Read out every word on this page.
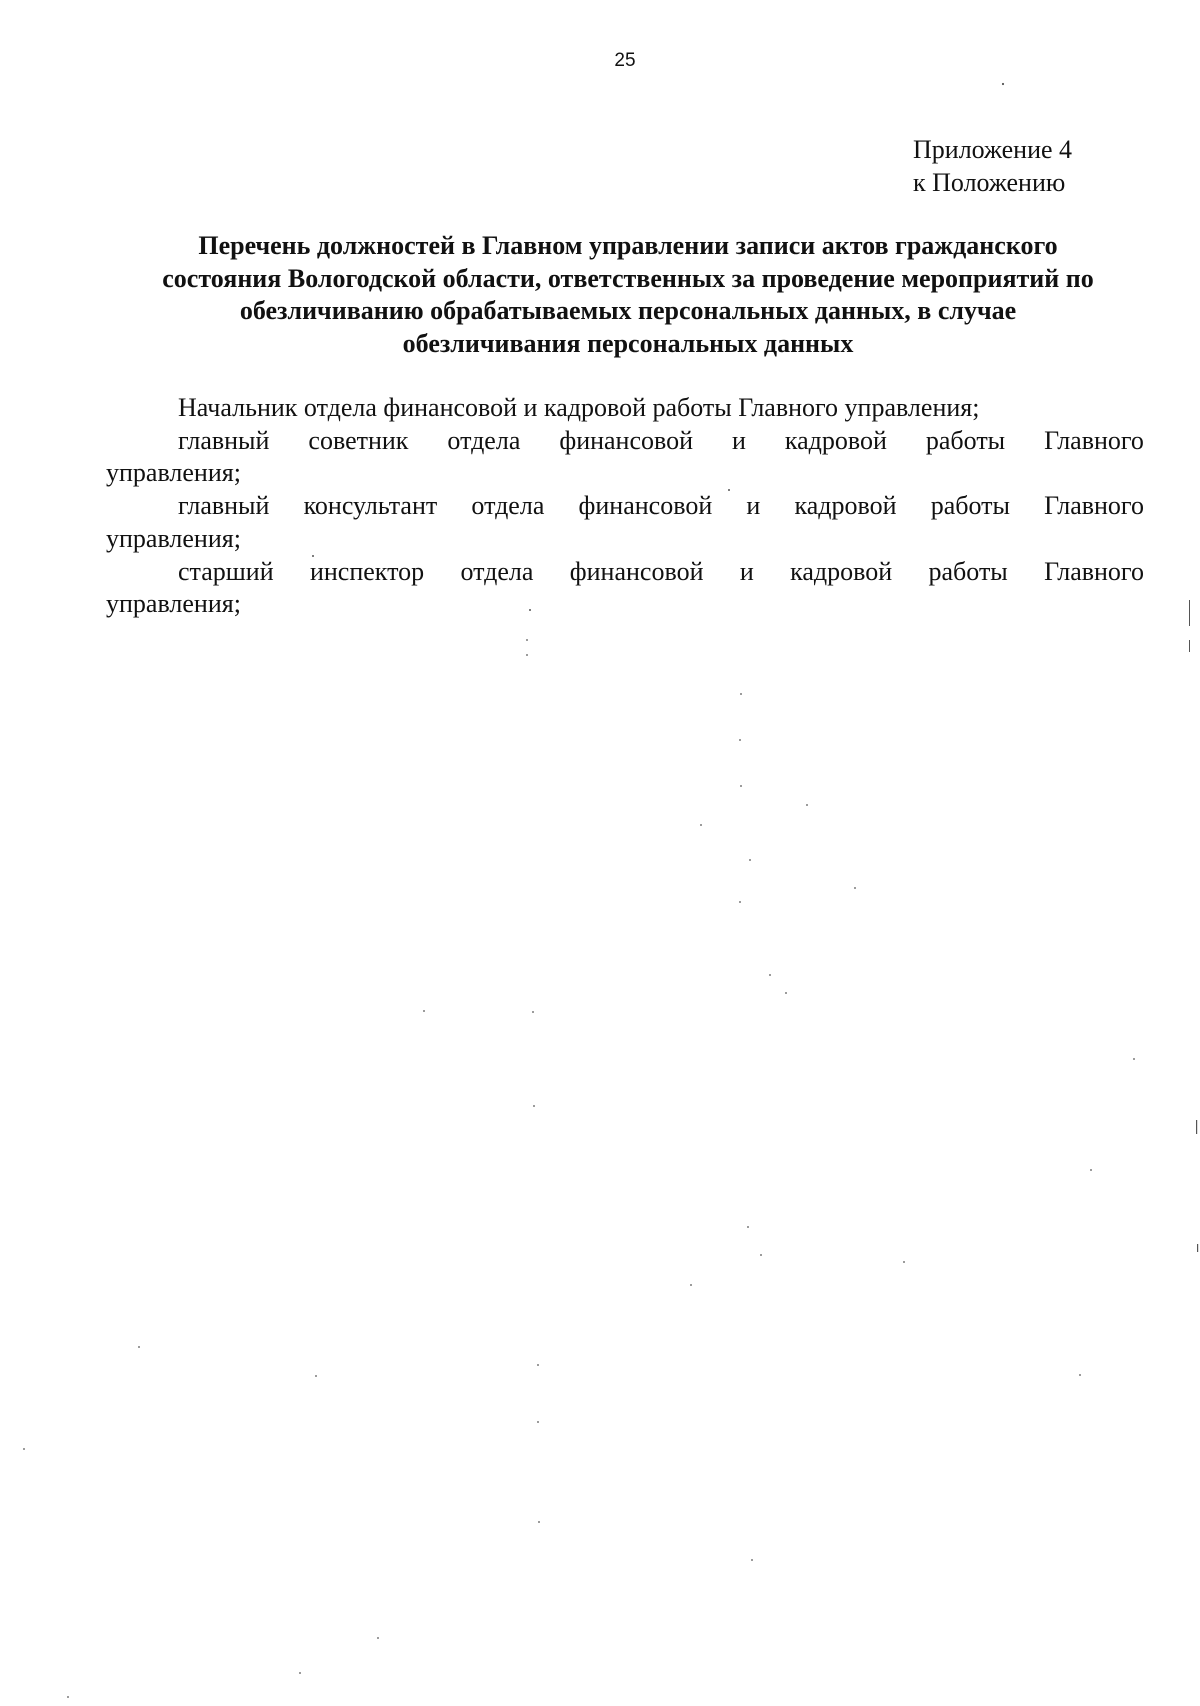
25
Приложение 4
к Положению
Перечень должностей в Главном управлении записи актов гражданского
состояния Вологодской области, ответственных за проведение мероприятий по
обезличиванию обрабатываемых персональных данных, в случае
обезличивания персональных данных
Начальник отдела финансовой и кадровой работы Главного управления;
главный советник отдела финансовой и кадровой работы Главного
управления;
главный консультант отдела финансовой и кадровой работы Главного
управления;
старший инспектор отдела финансовой и кадровой работы Главного
управления;
